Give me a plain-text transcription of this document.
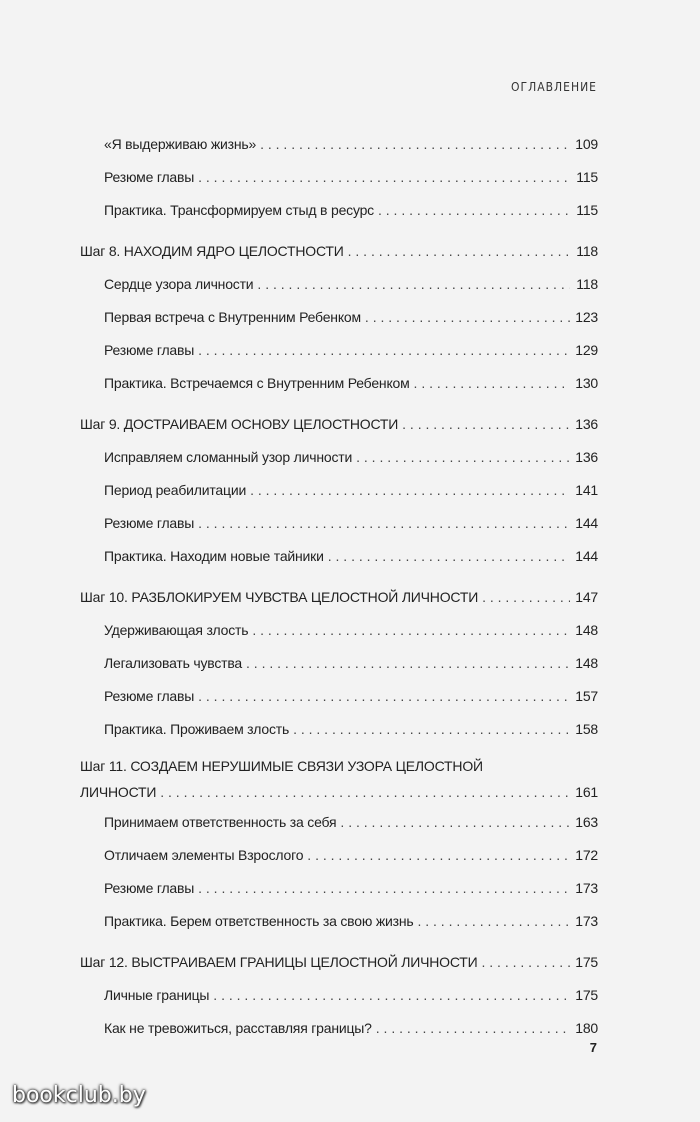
ОГЛАВЛЕНИЕ
«Я выдерживаю жизнь» . . .	109
Резюме главы . . .	115
Практика. Трансформируем стыд в ресурс . . .	115
Шаг 8. НАХОДИМ ЯДРО ЦЕЛОСТНОСТИ . . .	118
Сердце узора личности . . .	118
Первая встреча с Внутренним Ребенком . . .	123
Резюме главы . . .	129
Практика. Встречаемся с Внутренним Ребенком . . .	130
Шаг 9. ДОСТРАИВАЕМ ОСНОВУ ЦЕЛОСТНОСТИ . . .	136
Исправляем сломанный узор личности . . .	136
Период реабилитации . . .	141
Резюме главы . . .	144
Практика. Находим новые тайники . . .	144
Шаг 10. РАЗБЛОКИРУЕМ ЧУВСТВА ЦЕЛОСТНОЙ ЛИЧНОСТИ . . .	147
Удерживающая злость . . .	148
Легализовать чувства . . .	148
Резюме главы . . .	157
Практика. Проживаем злость . . .	158
Шаг 11. СОЗДАЕМ НЕРУШИМЫЕ СВЯЗИ УЗОРА ЦЕЛОСТНОЙ
ЛИЧНОСТИ . . .	161
Принимаем ответственность за себя . . .	163
Отличаем элементы Взрослого . . .	172
Резюме главы . . .	173
Практика. Берем ответственность за свою жизнь . . .	173
Шаг 12. ВЫСТРАИВАЕМ ГРАНИЦЫ ЦЕЛОСТНОЙ ЛИЧНОСТИ . . .	175
Личные границы . . .	175
Как не тревожиться, расставляя границы? . . .	180
7
bookclub.by
